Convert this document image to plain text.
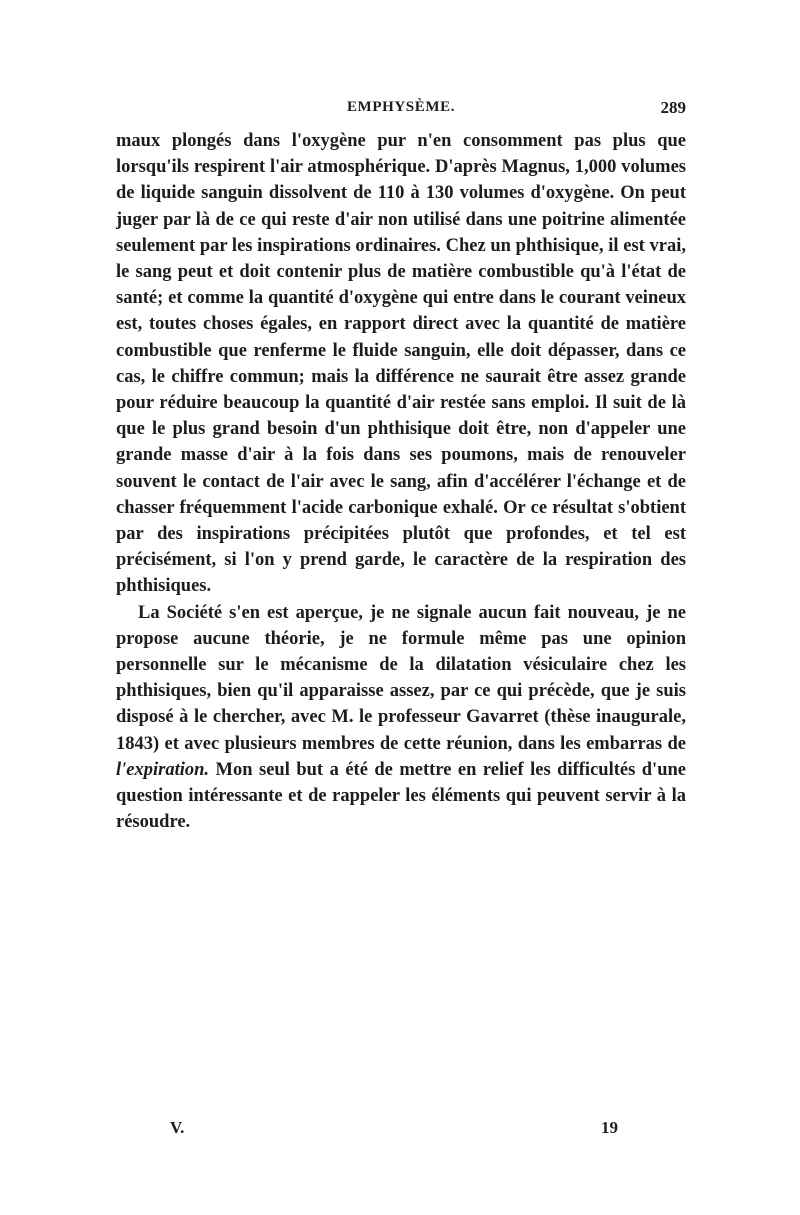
EMPHYSÈME.	289

maux plongés dans l'oxygène pur n'en consomment pas plus que lorsqu'ils respirent l'air atmosphérique. D'après Magnus, 1,000 volumes de liquide sanguin dissolvent de 110 à 130 volumes d'oxygène. On peut juger par là de ce qui reste d'air non utilisé dans une poitrine alimentée seulement par les inspirations ordinaires. Chez un phthisique, il est vrai, le sang peut et doit contenir plus de matière combustible qu'à l'état de santé; et comme la quantité d'oxygène qui entre dans le courant veineux est, toutes choses égales, en rapport direct avec la quantité de matière combustible que renferme le fluide sanguin, elle doit dépasser, dans ce cas, le chiffre commun; mais la différence ne saurait être assez grande pour réduire beaucoup la quantité d'air restée sans emploi. Il suit de là que le plus grand besoin d'un phthisique doit être, non d'appeler une grande masse d'air à la fois dans ses poumons, mais de renouveler souvent le contact de l'air avec le sang, afin d'accélérer l'échange et de chasser fréquemment l'acide carbonique exhalé. Or ce résultat s'obtient par des inspirations précipitées plutôt que profondes, et tel est précisément, si l'on y prend garde, le caractère de la respiration des phthisiques.

La Société s'en est aperçue, je ne signale aucun fait nouveau, je ne propose aucune théorie, je ne formule même pas une opinion personnelle sur le mécanisme de la dilatation vésiculaire chez les phthisiques, bien qu'il apparaisse assez, par ce qui précède, que je suis disposé à le chercher, avec M. le professeur Gavarret (thèse inaugurale, 1843) et avec plusieurs membres de cette réunion, dans les embarras de l'expiration. Mon seul but a été de mettre en relief les difficultés d'une question intéressante et de rappeler les éléments qui peuvent servir à la résoudre.

V.	19
